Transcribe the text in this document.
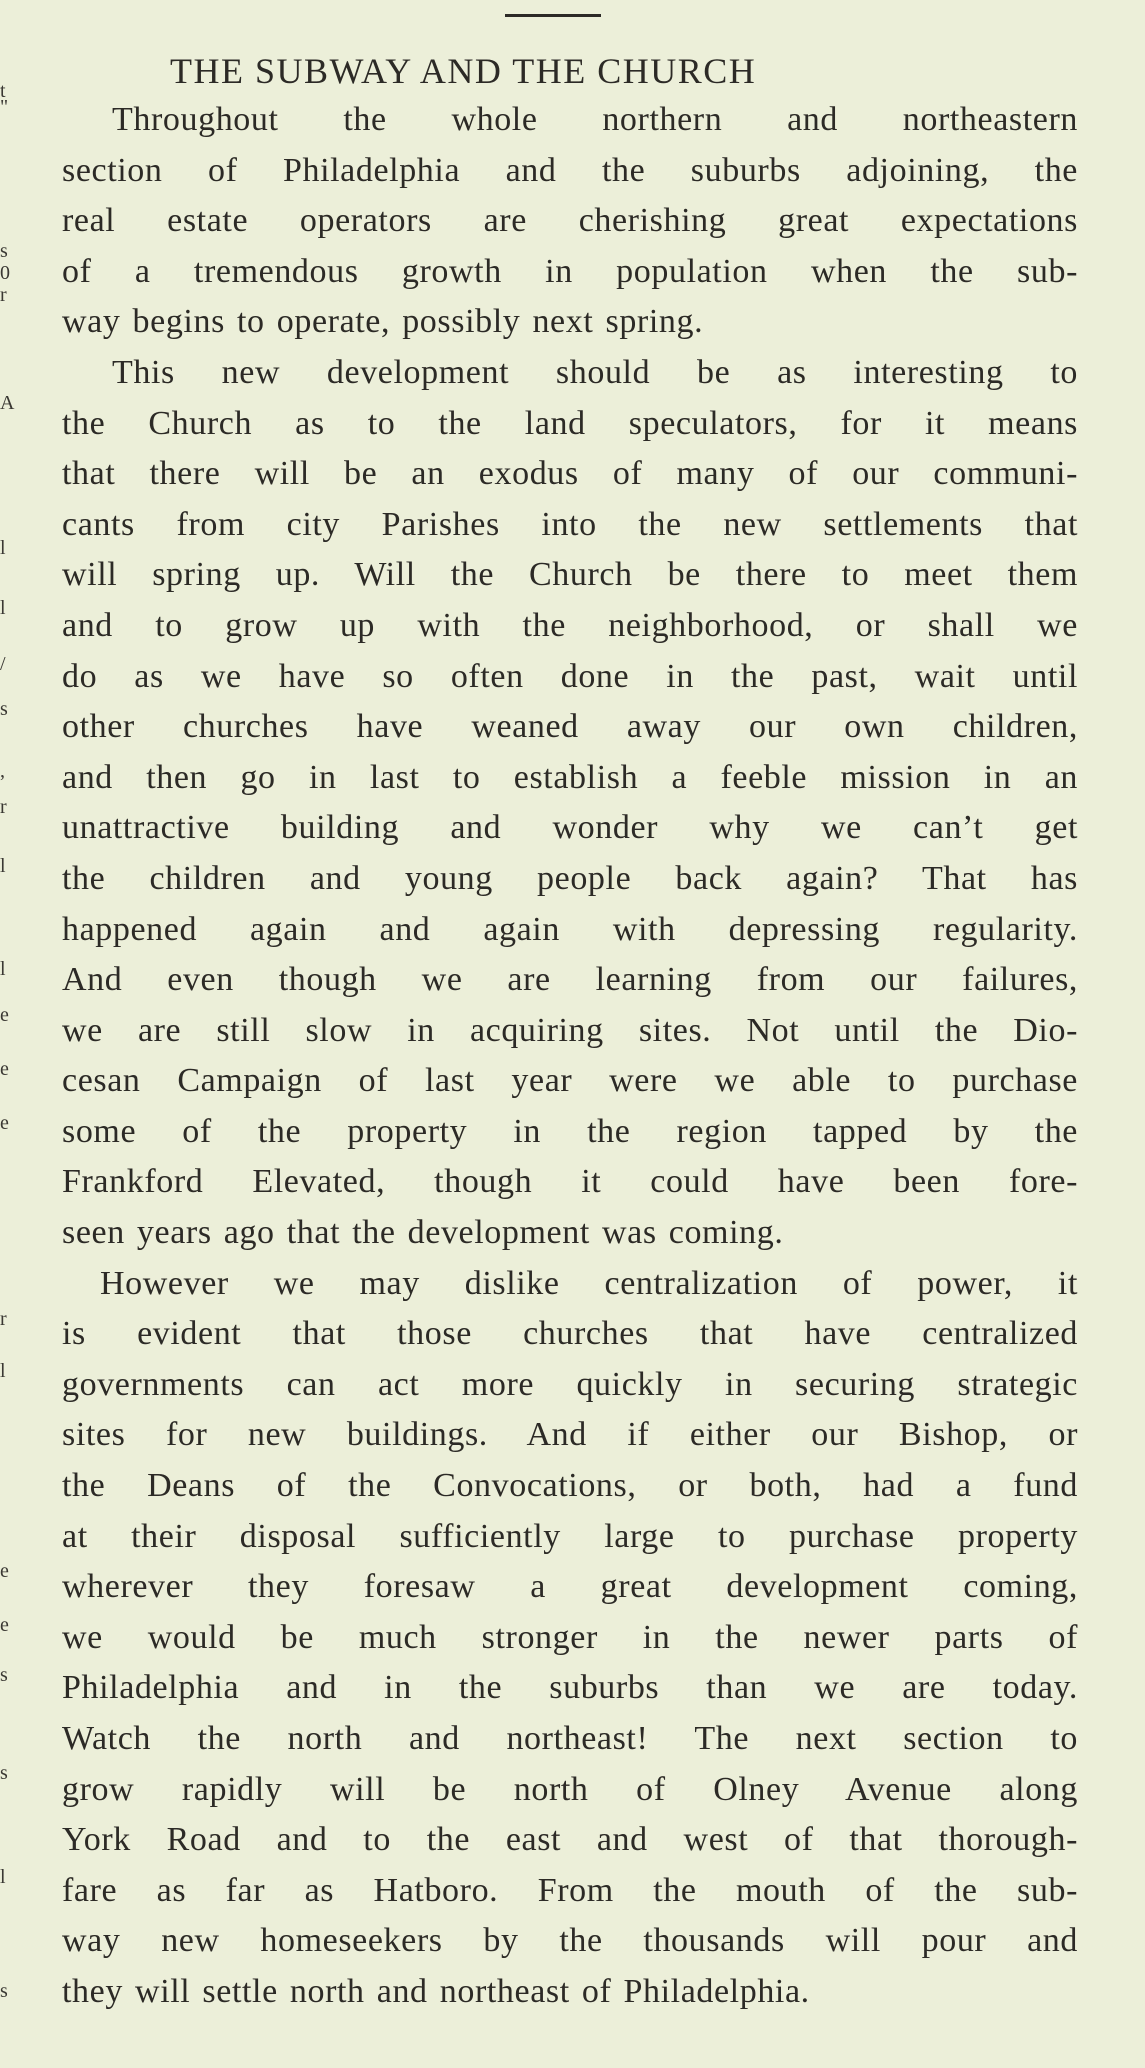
t
"
s
0
r
A
l
l
/
s
,
r
l
l
e
e
e
r
l
e
e
s
s
l
s
THE SUBWAY AND THE CHURCH

Throughout the whole northern and northeastern
section of Philadelphia and the suburbs adjoining, the
real estate operators are cherishing great expectations
of a tremendous growth in population when the sub-
way begins to operate, possibly next spring.

This new development should be as interesting to
the Church as to the land speculators, for it means
that there will be an exodus of many of our communi-
cants from city Parishes into the new settlements that
will spring up. Will the Church be there to meet them
and to grow up with the neighborhood, or shall we
do as we have so often done in the past, wait until
other churches have weaned away our own children,
and then go in last to establish a feeble mission in an
unattractive building and wonder why we can’t get
the children and young people back again? That has
happened again and again with depressing regularity.
And even though we are learning from our failures,
we are still slow in acquiring sites. Not until the Dio-
cesan Campaign of last year were we able to purchase
some of the property in the region tapped by the
Frankford Elevated, though it could have been fore-
seen years ago that the development was coming.

However we may dislike centralization of power, it
is evident that those churches that have centralized
governments can act more quickly in securing strategic
sites for new buildings. And if either our Bishop, or
the Deans of the Convocations, or both, had a fund
at their disposal sufficiently large to purchase property
wherever they foresaw a great development coming,
we would be much stronger in the newer parts of
Philadelphia and in the suburbs than we are today.
Watch the north and northeast! The next section to
grow rapidly will be north of Olney Avenue along
York Road and to the east and west of that thorough-
fare as far as Hatboro. From the mouth of the sub-
way new homeseekers by the thousands will pour and
they will settle north and northeast of Philadelphia.
